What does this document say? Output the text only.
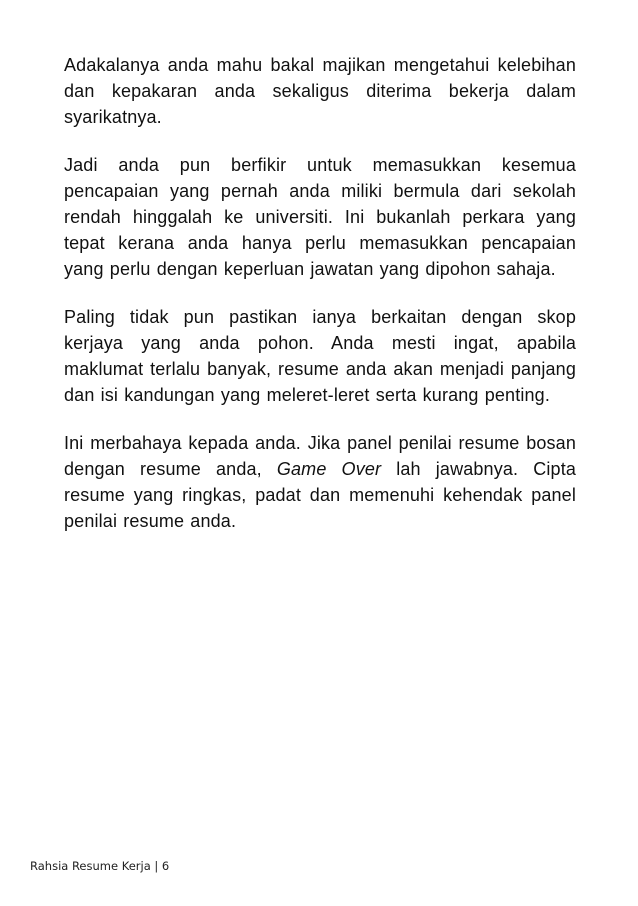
Adakalanya anda mahu bakal majikan mengetahui kelebihan dan kepakaran anda sekaligus diterima bekerja dalam syarikatnya.

Jadi anda pun berfikir untuk memasukkan kesemua pencapaian yang pernah anda miliki bermula dari sekolah rendah hinggalah ke universiti. Ini bukanlah perkara yang tepat kerana anda hanya perlu memasukkan pencapaian yang perlu dengan keperluan jawatan yang dipohon sahaja.

Paling tidak pun pastikan ianya berkaitan dengan skop kerjaya yang anda pohon. Anda mesti ingat, apabila maklumat terlalu banyak, resume anda akan menjadi panjang dan isi kandungan yang meleret-leret serta kurang penting.

Ini merbahaya kepada anda. Jika panel penilai resume bosan dengan resume anda, Game Over lah jawabnya. Cipta resume yang ringkas, padat dan memenuhi kehendak panel penilai resume anda.

Rahsia Resume Kerja | 6
